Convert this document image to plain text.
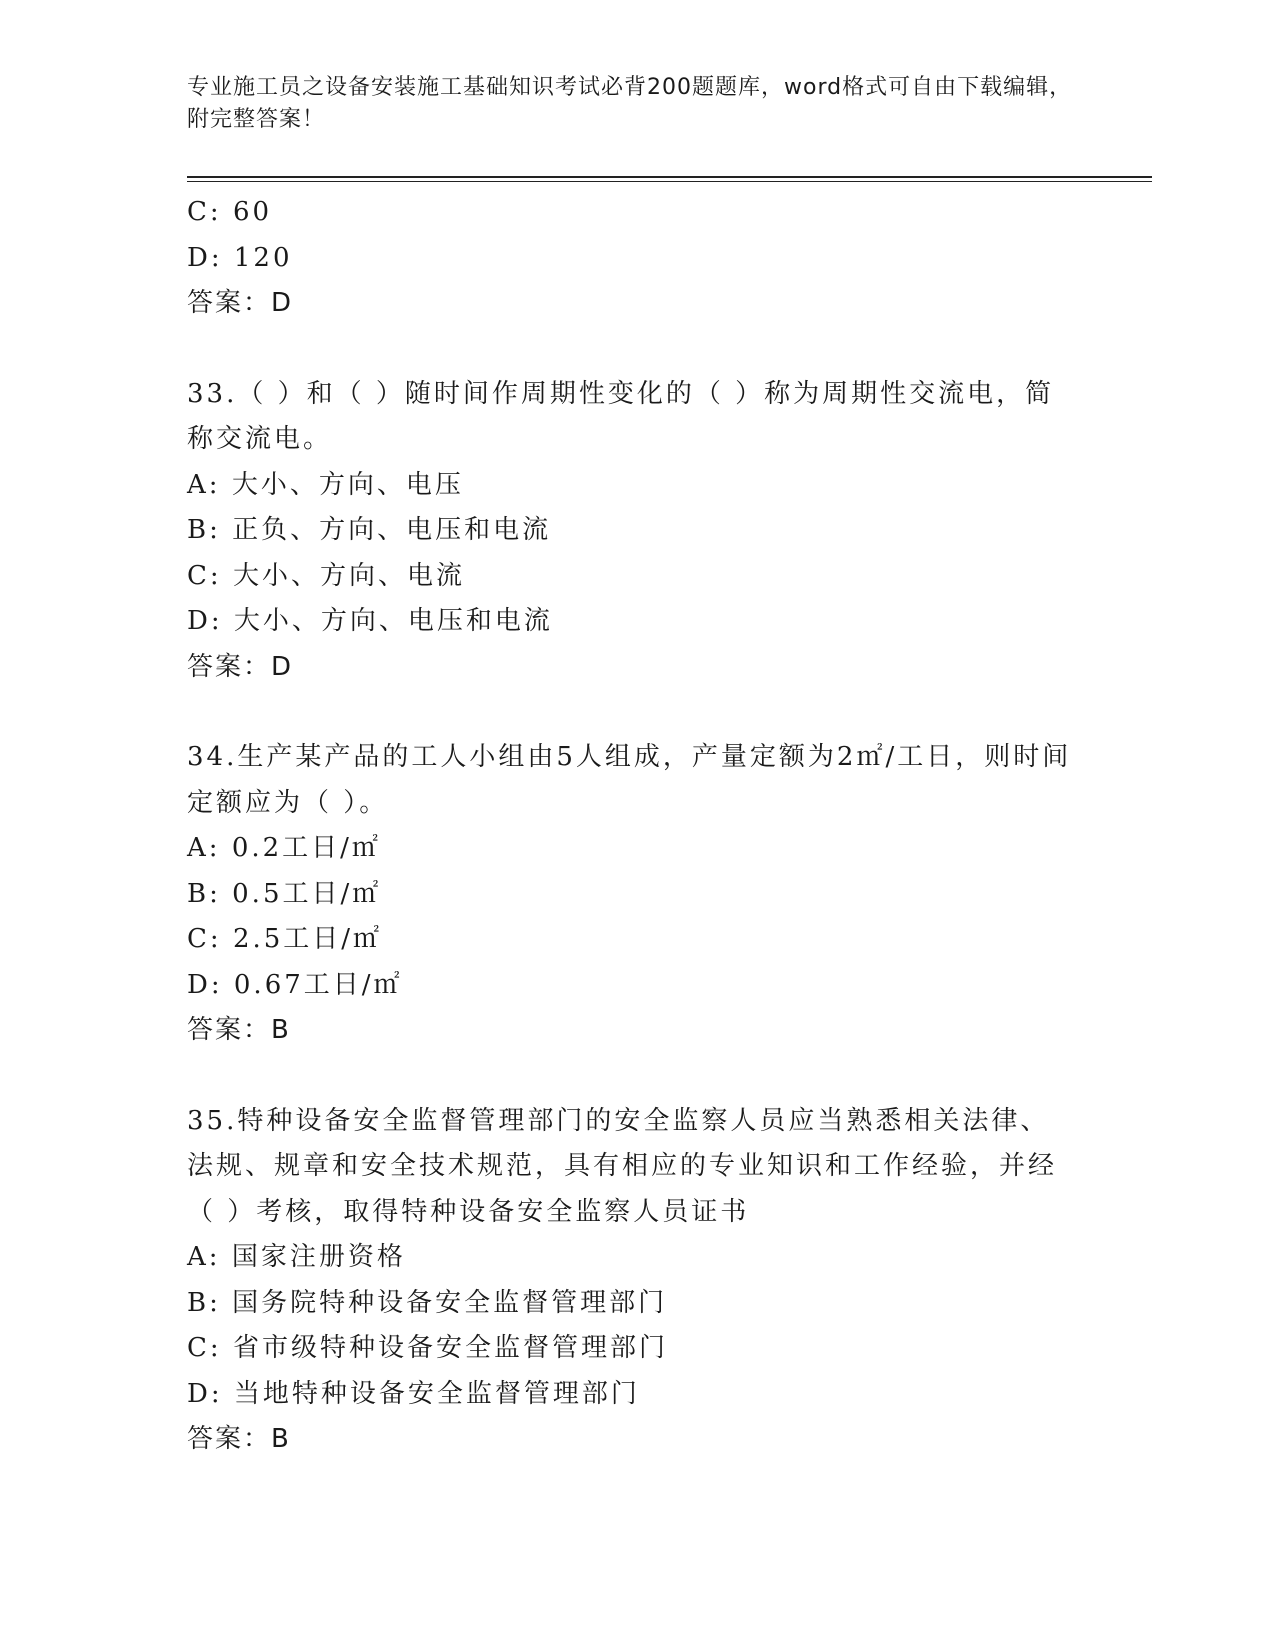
专业施工员之设备安装施工基础知识考试必背200题题库，word格式可自由下载编辑，附完整答案！
C: 60
D: 120
答案：D
33.（ ）和（ ）随时间作周期性变化的（ ）称为周期性交流电，简称交流电。
A: 大小、方向、电压
B: 正负、方向、电压和电流
C: 大小、方向、电流
D: 大小、方向、电压和电流
答案：D
34.生产某产品的工人小组由5人组成，产量定额为2㎡/工日，则时间定额应为（ ）。
A: 0.2工日/㎡
B: 0.5工日/㎡
C: 2.5工日/㎡
D: 0.67工日/㎡
答案：B
35.特种设备安全监督管理部门的安全监察人员应当熟悉相关法律、法规、规章和安全技术规范，具有相应的专业知识和工作经验，并经（ ）考核，取得特种设备安全监察人员证书
A: 国家注册资格
B: 国务院特种设备安全监督管理部门
C: 省市级特种设备安全监督管理部门
D: 当地特种设备安全监督管理部门
答案：B
